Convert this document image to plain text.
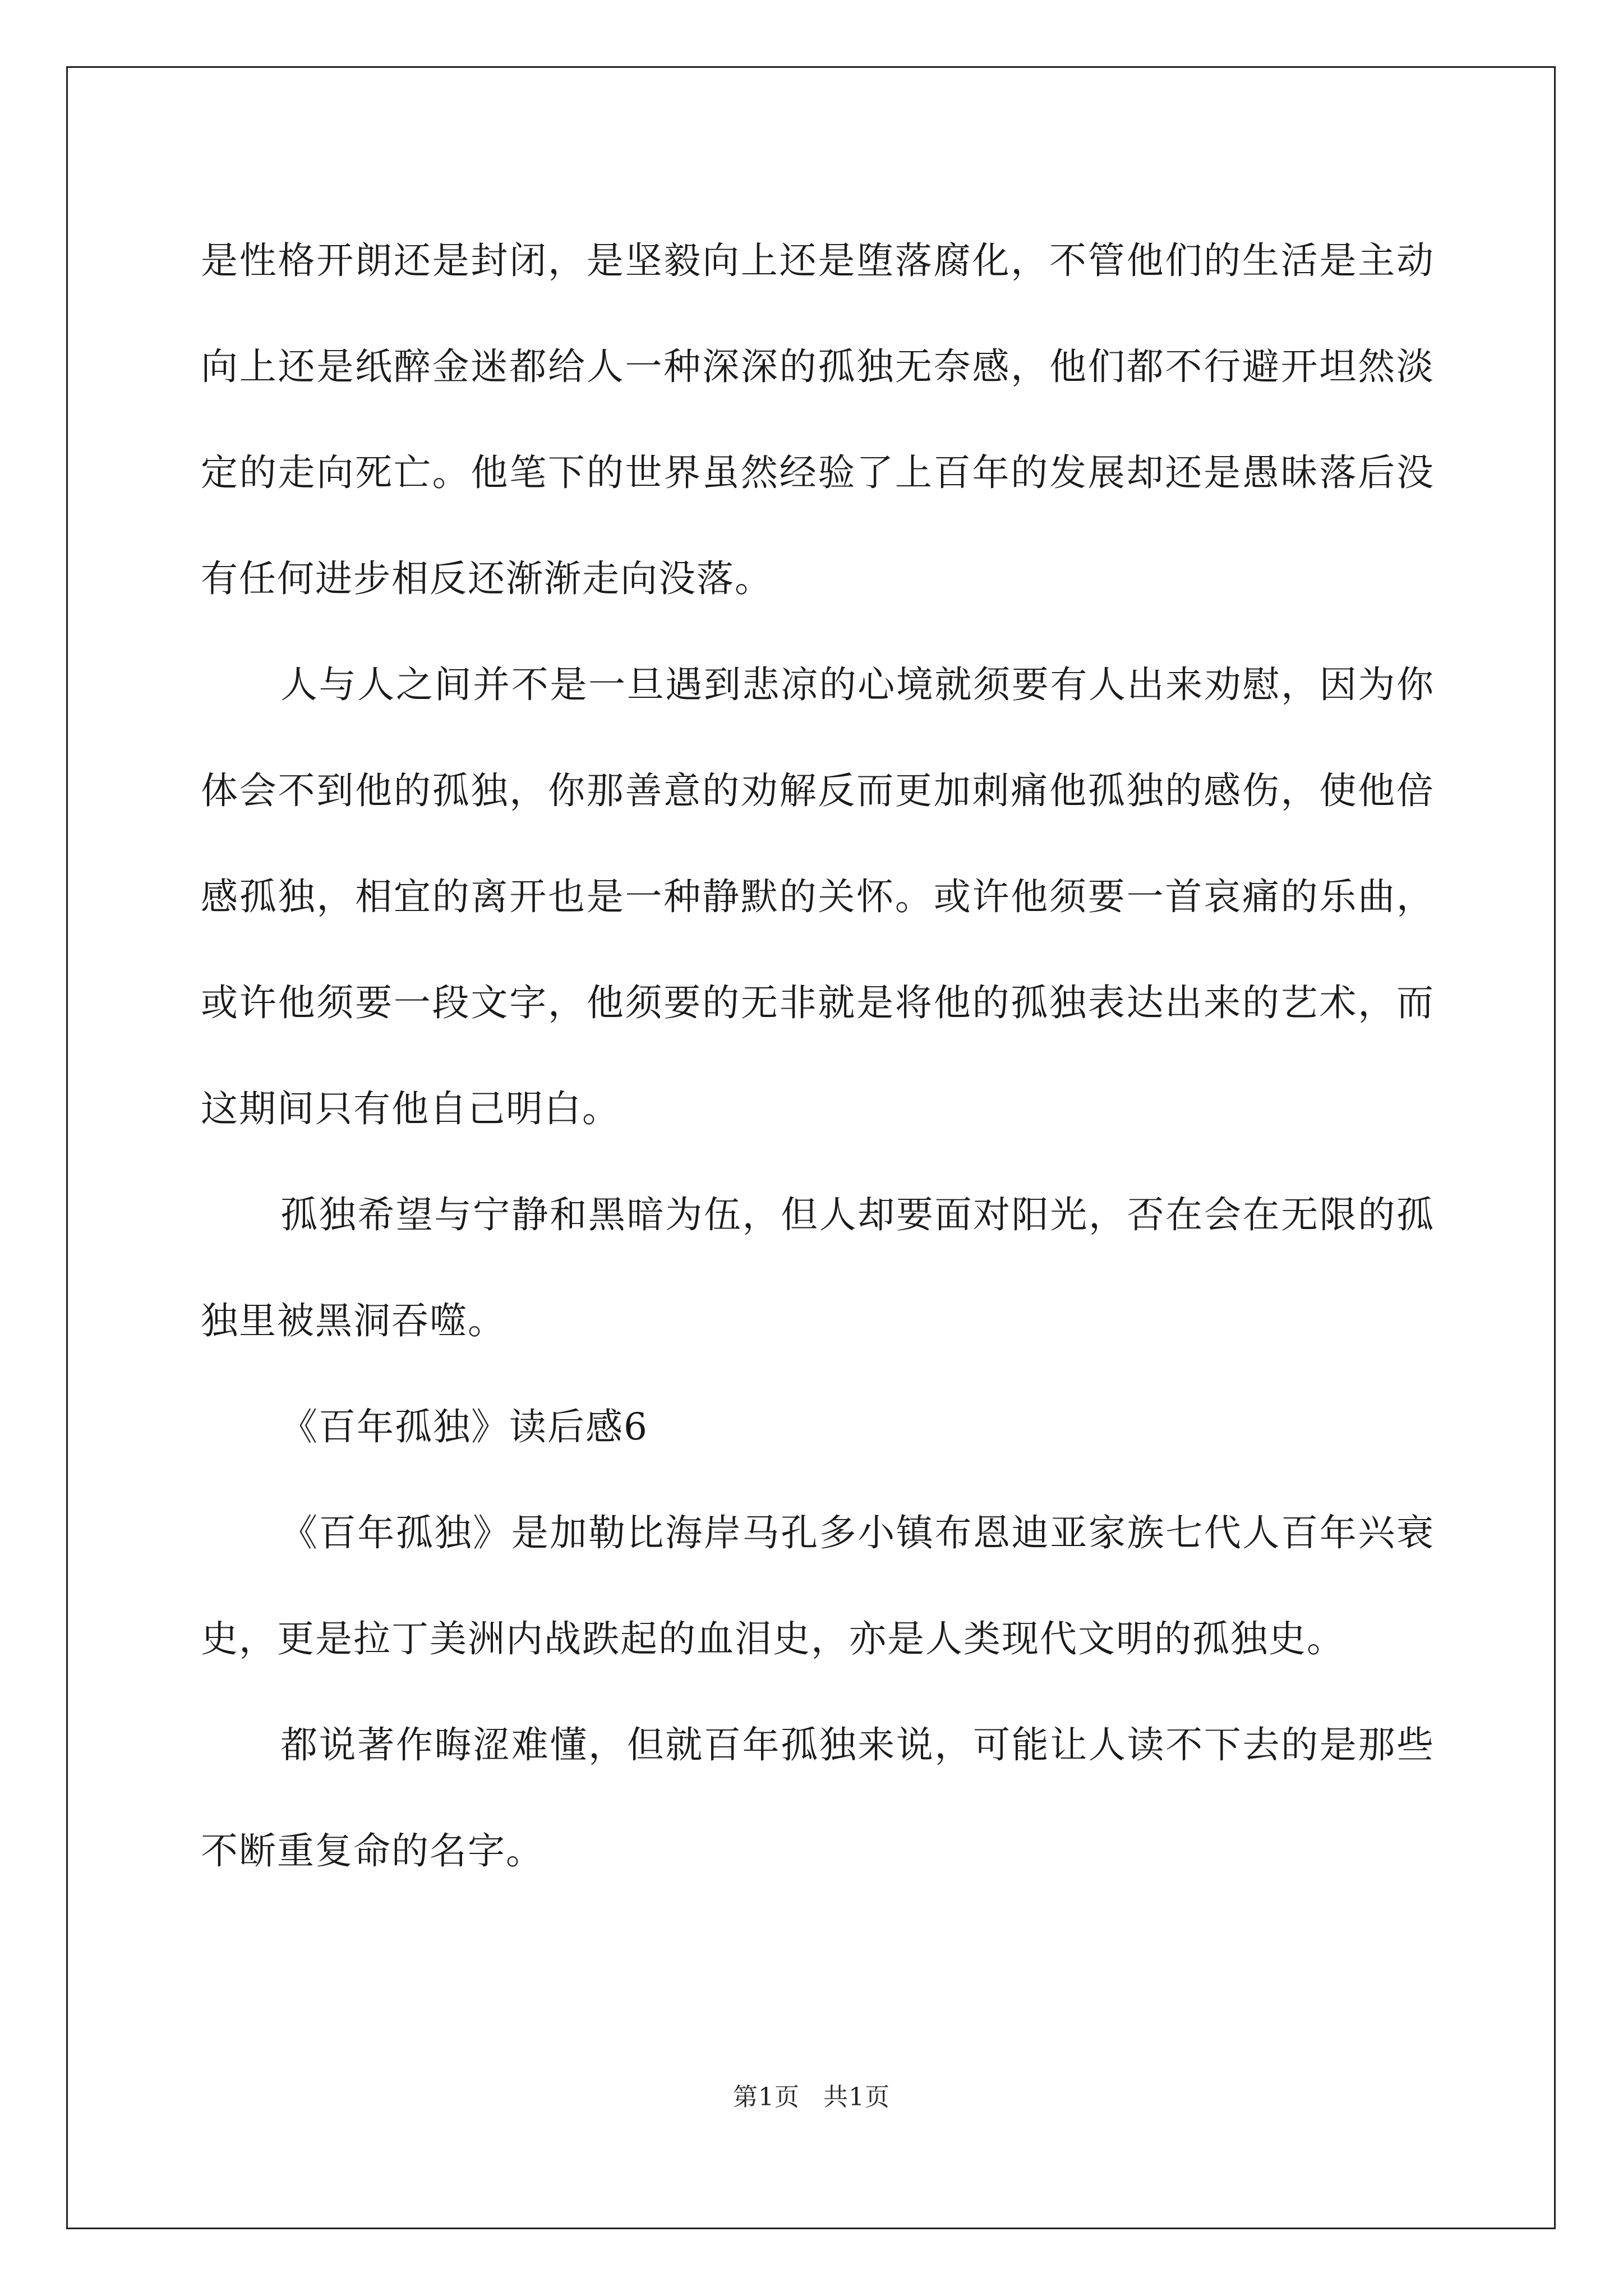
是性格开朗还是封闭，是坚毅向上还是堕落腐化，不管他们的生活是主动向上还是纸醉金迷都给人一种深深的孤独无奈感，他们都不行避开坦然淡定的走向死亡。他笔下的世界虽然经验了上百年的发展却还是愚昧落后没有任何进步相反还渐渐走向没落。

人与人之间并不是一旦遇到悲凉的心境就须要有人出来劝慰，因为你体会不到他的孤独，你那善意的劝解反而更加刺痛他孤独的感伤，使他倍感孤独，相宜的离开也是一种静默的关怀。或许他须要一首哀痛的乐曲，或许他须要一段文字，他须要的无非就是将他的孤独表达出来的艺术，而这期间只有他自己明白。

孤独希望与宁静和黑暗为伍，但人却要面对阳光，否在会在无限的孤独里被黑洞吞噬。

《百年孤独》读后感6

《百年孤独》是加勒比海岸马孔多小镇布恩迪亚家族七代人百年兴衰史，更是拉丁美洲内战跌起的血泪史，亦是人类现代文明的孤独史。

都说著作晦涩难懂，但就百年孤独来说，可能让人读不下去的是那些不断重复命的名字。

第1页 共1页
